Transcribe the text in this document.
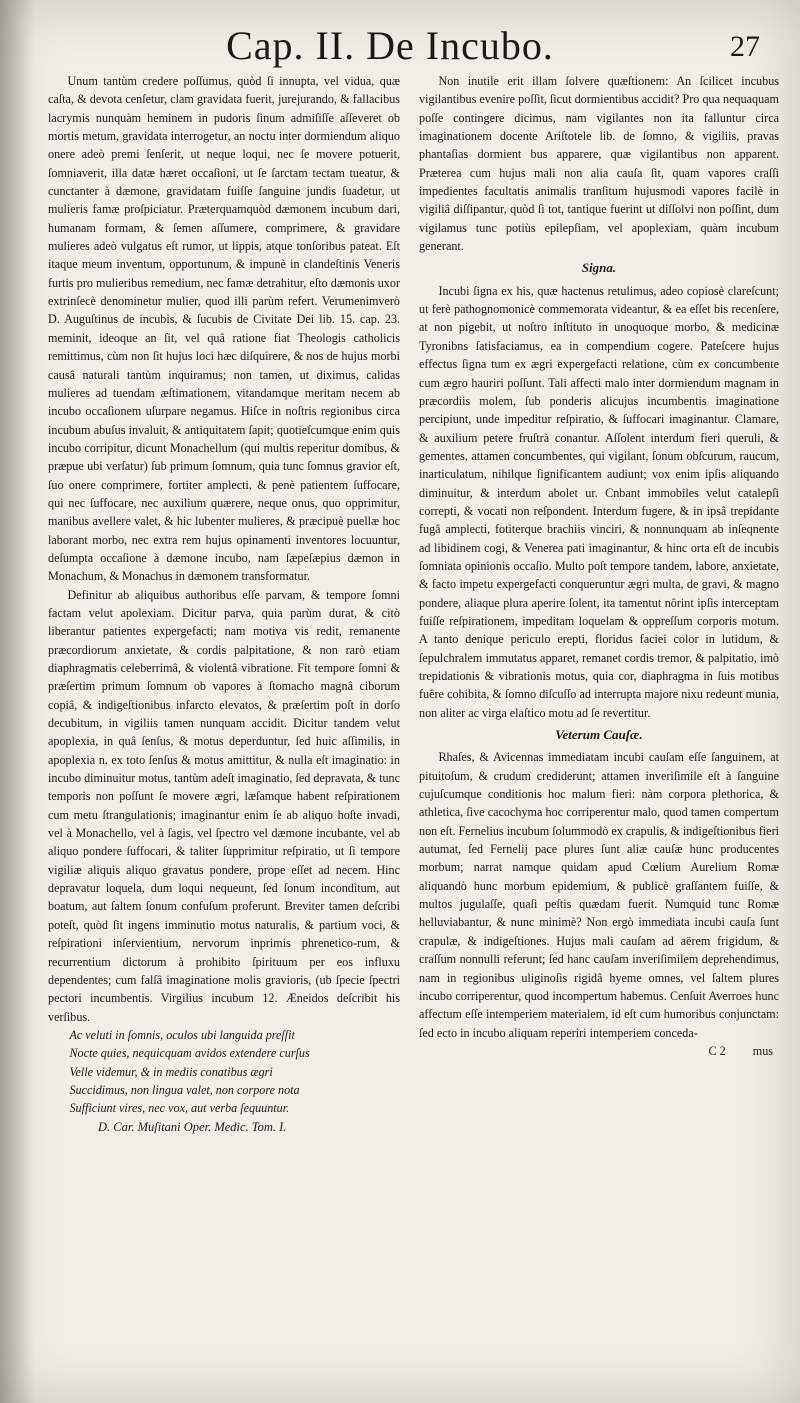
Cap. II. De Incubo.	27

Unum tantùm credere poſſumus, quòd ſi innupta, vel vidua, quæ caſta, & devota cenſetur, clam gravidata fuerit, jurejurando, & fallacibus lacrymis nunquàm heminem in pudoris ſinum admiſiſſe aſſeveret ob mortis metum, gravidata interrogetur, an noctu inter dormiendum aliquo onere adeò premi ſenſerit, ut neque loqui, nec ſe movere potuerit, ſomniaverit, illa datæ hæret occaſioni, ut ſe ſarctam tectam tueatur, & cunctanter à dæmone, gravidatam fuiſſe ſanguine jundis ſuadetur, ut mulieris famæ proſpiciatur. Præterquamquòd dæmonem incubum dari, humanam formam, & ſemen aſſumere, comprimere, & gravidare mulieres adeò vulgatus eſt rumor, ut lippis, atque tonſoribus pateat. Eſt itaque meum inventum, opportunum, & impunè in clandeſtinis Veneris furtis pro mulieribus remedium, nec famæ detrahitur, eſto dæmonis uxor extrinſecè denominetur mulier, quod illi parùm refert. Verumenimverò D. Auguſtinus de incubis, & ſucubis de Civitate Dei lib. 15. cap. 23. meminit, ideoque an ſit, vel quâ ratione fiat Theologis catholicis remittimus, cùm non ſit hujus loci hæc diſquirere, & nos de hujus morbi causâ naturali tantùm inquiramus; non tamen, ut diximus, calidas mulieres ad tuendam æſtimationem, vitandamque meritam necem ab incubo occaſionem uſurpare negamus. Hiſce in noſtris regionibus circa incubum abuſus invaluit, & antiquitatem ſapit; quotieſcumque enim quis incubo corripitur, dicunt Monachellum (qui multis reperitur domibus, & præpue ubi verſatur) ſub primum ſomnum, quia tunc ſomnus gravior eſt, ſuo onere comprimere, fortiter amplecti, & penè patientem ſuffocare, qui nec ſuffocare, nec auxilium quærere, neque onus, quo opprimitur, manibus avellere valet, & hic lubenter mulieres, & præcipuè puellæ hoc laborant morbo, nec extra rem hujus opinamenti inventores locuuntur, deſumpta occaſione à dæmone incubo, nam ſæpeſæpius dæmon in Monachum, & Monachus in dæmonem transformatur.

Definitur ab aliquibus authoribus eſſe parvam, & tempore ſomni factam velut apolexiam. Dicitur parva, quia parùm durat, & citò liberantur patientes expergefacti; nam motiva vis redit, remanente præcordiorum anxietate, & cordis palpitatione, & non rarò etiam diaphragmatis celeberrimâ, & violentâ vibratione. Fit tempore ſomni & præſertim primum ſomnum ob vapores à ſtomacho magnâ ciborum copiâ, & indigeſtionibus infarcto elevatos, & præſertim poſt in dorſo decubitum, in vigiliis tamen nunquam accidit. Dicitur tandem velut apoplexia, in quâ ſenſus, & motus deperduntur, ſed huic aſſimilis, in apoplexia n. ex toto ſenſus & motus amittitur, & nulla eſt imaginatio: in incubo diminuitur motus, tantùm adeſt imaginatio, ſed depravata, & tunc temporis non poſſunt ſe movere ægri, læſamque habent reſpirationem cum metu ſtrangulationis; imaginantur enim ſe ab aliquo hoſte invadi, vel à Monachello, vel à ſagis, vel ſpectro vel dæmone incubante, vel ab aliquo pondere ſuffocari, & taliter ſupprimitur reſpiratio, ut ſi tempore vigiliæ aliquis aliquo gravatus pondere, prope eſſet ad necem. Hinc depravatur loquela, dum loqui nequeunt, ſed ſonum incondìtum, aut boatum, aut ſaltem ſonum confuſum proferunt. Breviter tamen deſcribi poteſt, quòd ſit ingens imminutio motus naturalis, & partium voci, & reſpirationi inſervientium, nervorum inprimis phrenetico-rum, & recurrentium dictorum à prohibito ſpirituum per eos influxu dependentes; cum falſâ imaginatione molis gravioris, (ub ſpecie ſpectri pectori incumbentis. Virgilius incubum 12. Æneidos deſcribit his verſibus.

Ac veluti in ſomnis, oculos ubi languida preſſit

Nocte quies, nequicquam avidos extendere curſus

Velle videmur, & in mediis conatibus ægri

Succidimus, non lingua valet, non corpore nota

Sufficiunt vires, nec vox, aut verba ſequuntur.

D. Car. Muſitani Oper. Medic. Tom. I.

Non inutile erit illam ſolvere quæſtionem: An ſcilicet incubus vigilantibus evenire poſſit, ſicut dormientibus accidit? Pro qua nequaquam poſſe contingere dicimus, nam vigilantes non ita falluntur circa imaginationem docente Ariſtotele lib. de ſomno, & vigiliis, pravas phantaſias dormient bus apparere, quæ vigilantibus non apparent. Præterea cum hujus mali non alia cauſa ſit, quam vapores craſſi impedientes facultatis animalis tranſitum hujusmodi vapores facilè in vigiliâ diſſipantur, quòd ſi tot, tantique fuerint ut diſſolvi non poſſint, dum vigilamus tunc potiùs epilepſiam, vel apoplexiam, quàm incubum generant.

Signa.

Incubi ſigna ex his, quæ hactenus retulimus, adeo copiosè clareſcunt; ut ferè pathognomonicè commemorata videantur, & ea eſſet bis recenſere, at non pigebit, ut noſtro inſtituto in unoquoque morbo, & medicinæ Tyronibns ſatisfaciamus, ea in compendium cogere. Pateſcere hujus effectus ſigna tum ex ægri expergefacti relatione, cùm ex concumbente cum ægro hauriri poſſunt. Tali affecti malo inter dormiendum magnam in præcordiis molem, ſub ponderis alicujus incumbentis imaginatione percipiunt, unde impeditur reſpiratio, & ſuffocari imaginantur. Clamare, & auxilium petere fruſtrà conantur. Aſſolent interdum fieri queruli, & gementes, attamen concumbentes, qui vigilant, ſonum obſcurum, raucum, inarticulatum, nihilque ſignificantem audiunt; vox enim ipſis aliquando diminuitur, & interdum abolet ur. Cnbant immobiles velut catalepſi correpti, & vocati non reſpondent. Interdum fugere, & in ipsâ trepidante fugâ amplecti, fotiterque brachiis vinciri, & nonnunquam ab inſeqnente ad libidinem cogi, & Venerea pati imaginantur, & hinc orta eſt de incubis ſomniata opinionis occaſio. Multo poſt tempore tandem, labore, anxietate, & facto impetu expergefacti conqueruntur ægri multa, de gravi, & magno pondere, aliaque plura aperire ſolent, ita tamentut nôrint ipſis interceptam fuiſſe reſpirationem, impeditam loquelam & oppreſſum corporis motum. A tanto denique periculo erepti, floridus faciei color in lutidum, & ſepulchralem immutatus apparet, remanet cordis tremor, & palpitatio, imò trepidationis & vibrationis motus, quia cor, diaphragma in ſuis motibus fuêre cohibita, & ſomno diſcuſſo ad interrupta majore nixu redeunt munia, non aliter ac virga elaſtico motu ad ſe revertitur.

Veterum Cauſæ.

Rhaſes, & Avicennas immediatam incubi cauſam eſſe ſanguinem, at pituitoſum, & crudum crediderunt; attamen inveriſimile eſt à ſanguine cujuſcumque conditionis hoc malum fieri: nàm corpora plethorica, & athletica, ſive cacochyma hoc corriperentur malo, quod tamen compertum non eſt. Fernelius incubum ſolummodò ex crapulis, & indigeſtionibus fieri autumat, ſed Fernelij pace plures ſunt aliæ cauſæ hunc producentes morbum; narrat namque quidam apud Cœlium Aurelium Romæ aliquandò hunc morbum epidemium, & publicè graſſantem fuiſſe, & multos jugulaſſe, quaſi peſtis quædam fuerit. Numquid tunc Romæ helluviabantur, & nunc minimè? Non ergò immediata incubi cauſa ſunt crapulæ, & indigeſtiones. Hujus mali cauſam ad aërem frigidum, & craſſum nonnulli referunt; ſed hanc cauſam inveriſimilem deprehendimus, nam in regionibus uliginoſis rigidâ hyeme omnes, vel ſaltem plures incubo corriperentur, quod incompertum habemus. Cenſuit Averroes hunc affectum eſſe intemperiem materialem, id eſt cum humoribus conjunctam: ſed ecto in incubo aliquam reperiri intemperiem conceda-

C 2 mus
